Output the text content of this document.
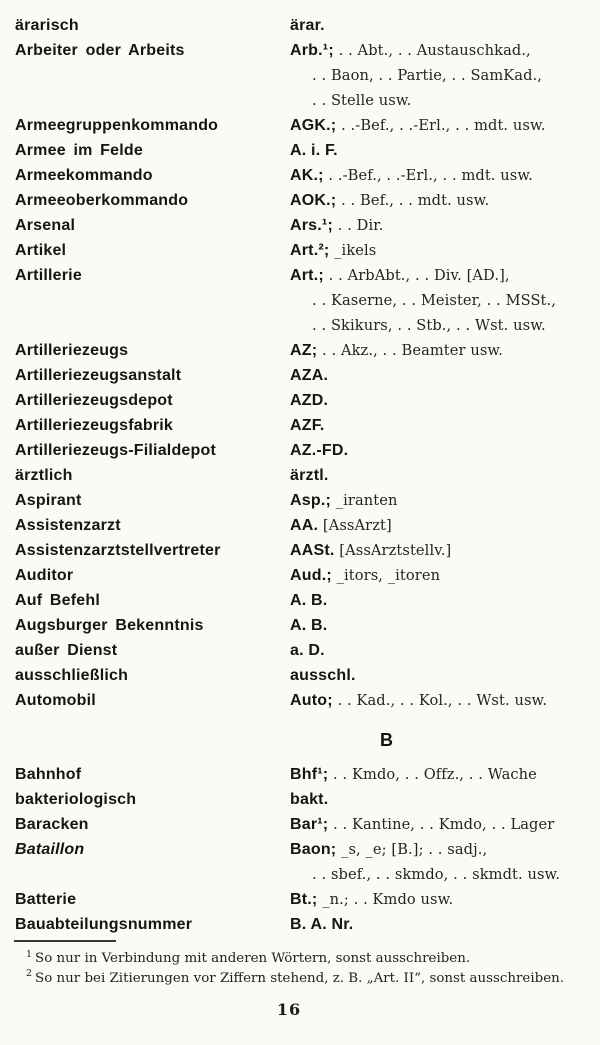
ärarisch	ärar.
Arbeiter oder Arbeits	Arb.¹; . . Abt., . . Austauschkad.,
. . Baon, . . Partie, . . SamKad.,
. . Stelle usw.
Armeegruppenkommando	AGK.; . .-Bef., . .-Erl., . . mdt. usw.
Armee im Felde	A. i. F.
Armeekommando	AK.; . .-Bef., . .-Erl., . . mdt. usw.
Armeeoberkommando	AOK.; . . Bef., . . mdt. usw.
Arsenal	Ars.¹; . . Dir.
Artikel	Art.²; _ikels
Artillerie	Art.; . . ArbAbt., . . Div. [AD.],
. . Kaserne, . . Meister, . . MSSt.,
. . Skikurs, . . Stb., . . Wst. usw.
Artilleriezeugs	AZ; . . Akz., . . Beamter usw.
Artilleriezeugsanstalt	AZA.
Artilleriezeugsdepot	AZD.
Artilleriezeugsfabrik	AZF.
Artilleriezeugs-Filialdepot	AZ.-FD.
ärztlich	ärztl.
Aspirant	Asp.; _iranten
Assistenzarzt	AA. [AssArzt]
Assistenzarztstellvertreter	AASt. [AssArztstellv.]
Auditor	Aud.; _itors, _itoren
Auf Befehl	A. B.
Augsburger Bekenntnis	A. B.
außer Dienst	a. D.
ausschließlich	ausschl.
Automobil	Auto; . . Kad., . . Kol., . . Wst. usw.
B
Bahnhof	Bhf¹; . . Kmdo, . . Offz., . . Wache
bakteriologisch	bakt.
Baracken	Bar¹; . . Kantine, . . Kmdo, . . Lager
Bataillon	Baon; _s, _e; [B.]; . . sadj.,
. . sbef., . . skmdo, . . skmdt. usw.
Batterie	Bt.; _n.; . . Kmdo usw.
Bauabteilungsnummer	B. A. Nr.
$^1$ So nur in Verbindung mit anderen Wörtern, sonst ausschreiben.
$^2$ So nur bei Zitierungen vor Ziffern stehend, z. B. „Art. II“, sonst ausschreiben.
16
